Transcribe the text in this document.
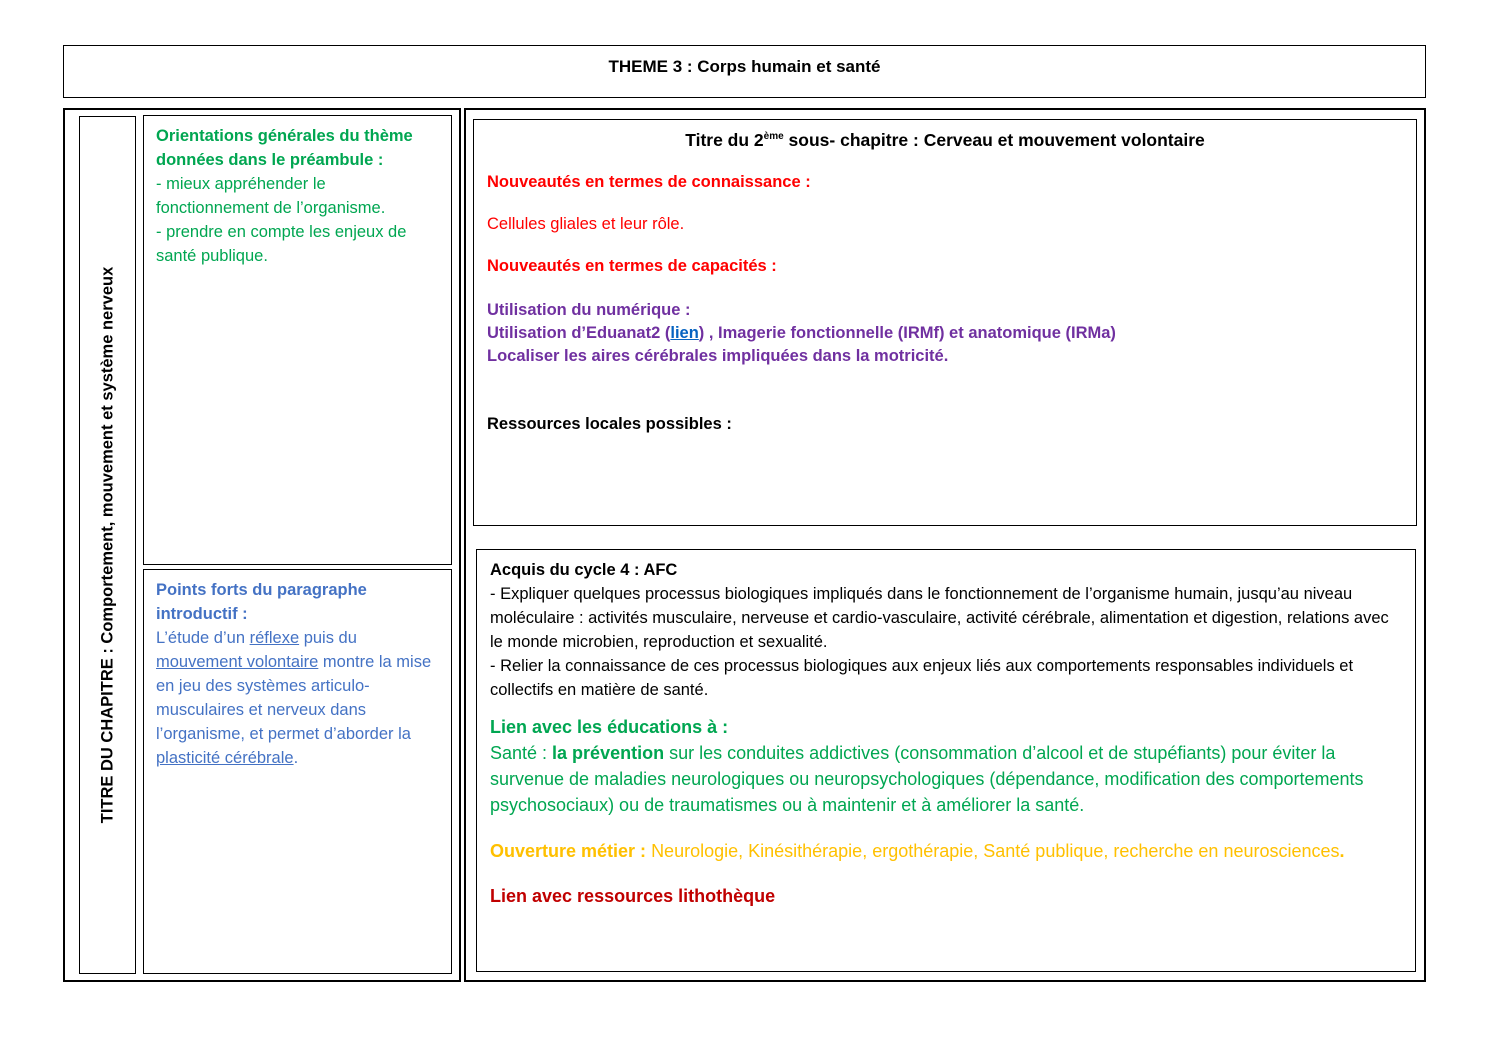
THEME 3 : Corps humain et santé
TITRE DU CHAPITRE : Comportement, mouvement et système nerveux

Orientations générales du thème données dans le préambule :

- mieux appréhender le fonctionnement de l’organisme.

- prendre en compte les enjeux de santé publique.

Points forts du paragraphe introductif :

L’étude d’un réflexe puis du mouvement volontaire montre la mise en jeu des systèmes articulo-musculaires et nerveux dans l’organisme, et permet d’aborder la plasticité cérébrale.

Titre du 2ème sous- chapitre : Cerveau et mouvement volontaire

Nouveautés en termes de connaissance :

Cellules gliales et leur rôle.

Nouveautés en termes de capacités :

Utilisation du numérique :

Utilisation d’Eduanat2 (lien) , Imagerie fonctionnelle (IRMf) et anatomique (IRMa)

Localiser les aires cérébrales impliquées dans la motricité.

Ressources locales possibles :

Acquis du cycle 4 : AFC

- Expliquer quelques processus biologiques impliqués dans le fonctionnement de l’organisme humain, jusqu’au niveau moléculaire : activités musculaire, nerveuse et cardio-vasculaire, activité cérébrale, alimentation et digestion, relations avec le monde microbien, reproduction et sexualité.

- Relier la connaissance de ces processus biologiques aux enjeux liés aux comportements responsables individuels et collectifs en matière de santé.

Lien avec les éducations à :

Santé : la prévention sur les conduites addictives (consommation d’alcool et de stupéfiants) pour éviter la survenue de maladies neurologiques ou neuropsychologiques (dépendance, modification des comportements psychosociaux) ou de traumatismes ou à maintenir et à améliorer la santé.

Ouverture métier : Neurologie, Kinésithérapie, ergothérapie, Santé publique, recherche en neurosciences.

Lien avec ressources lithothèque
